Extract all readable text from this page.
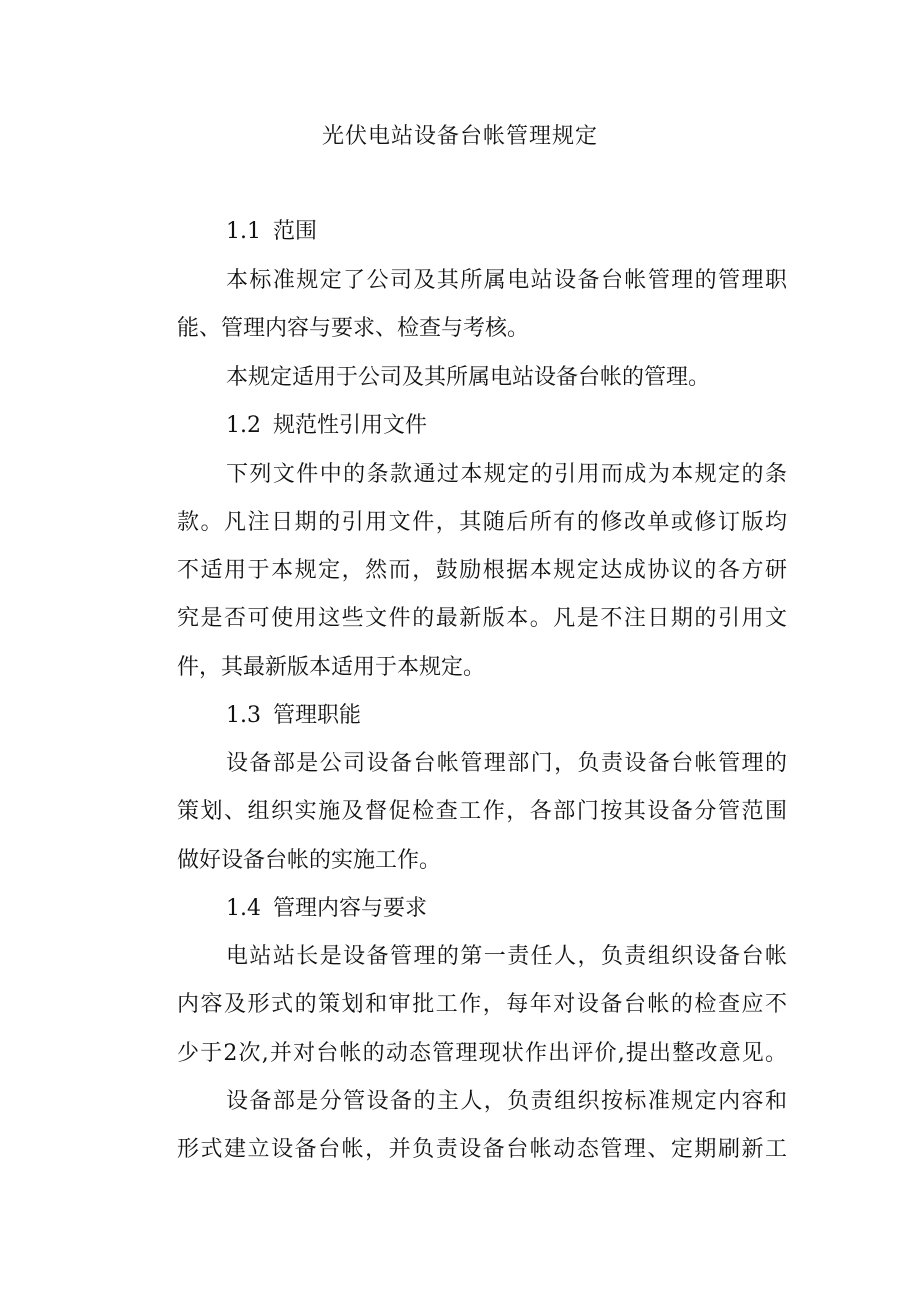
光伏电站设备台帐管理规定
1.1 范围
本标准规定了公司及其所属电站设备台帐管理的管理职
能、管理内容与要求、检查与考核。
本规定适用于公司及其所属电站设备台帐的管理。
1.2 规范性引用文件
下列文件中的条款通过本规定的引用而成为本规定的条
款。凡注日期的引用文件，其随后所有的修改单或修订版均
不适用于本规定，然而，鼓励根据本规定达成协议的各方研
究是否可使用这些文件的最新版本。凡是不注日期的引用文
件，其最新版本适用于本规定。
1.3 管理职能
设备部是公司设备台帐管理部门，负责设备台帐管理的
策划、组织实施及督促检查工作，各部门按其设备分管范围
做好设备台帐的实施工作。
1.4 管理内容与要求
电站站长是设备管理的第一责任人，负责组织设备台帐
内容及形式的策划和审批工作，每年对设备台帐的检查应不
少于2次,并对台帐的动态管理现状作出评价,提出整改意见。
设备部是分管设备的主人，负责组织按标准规定内容和
形式建立设备台帐，并负责设备台帐动态管理、定期刷新工
